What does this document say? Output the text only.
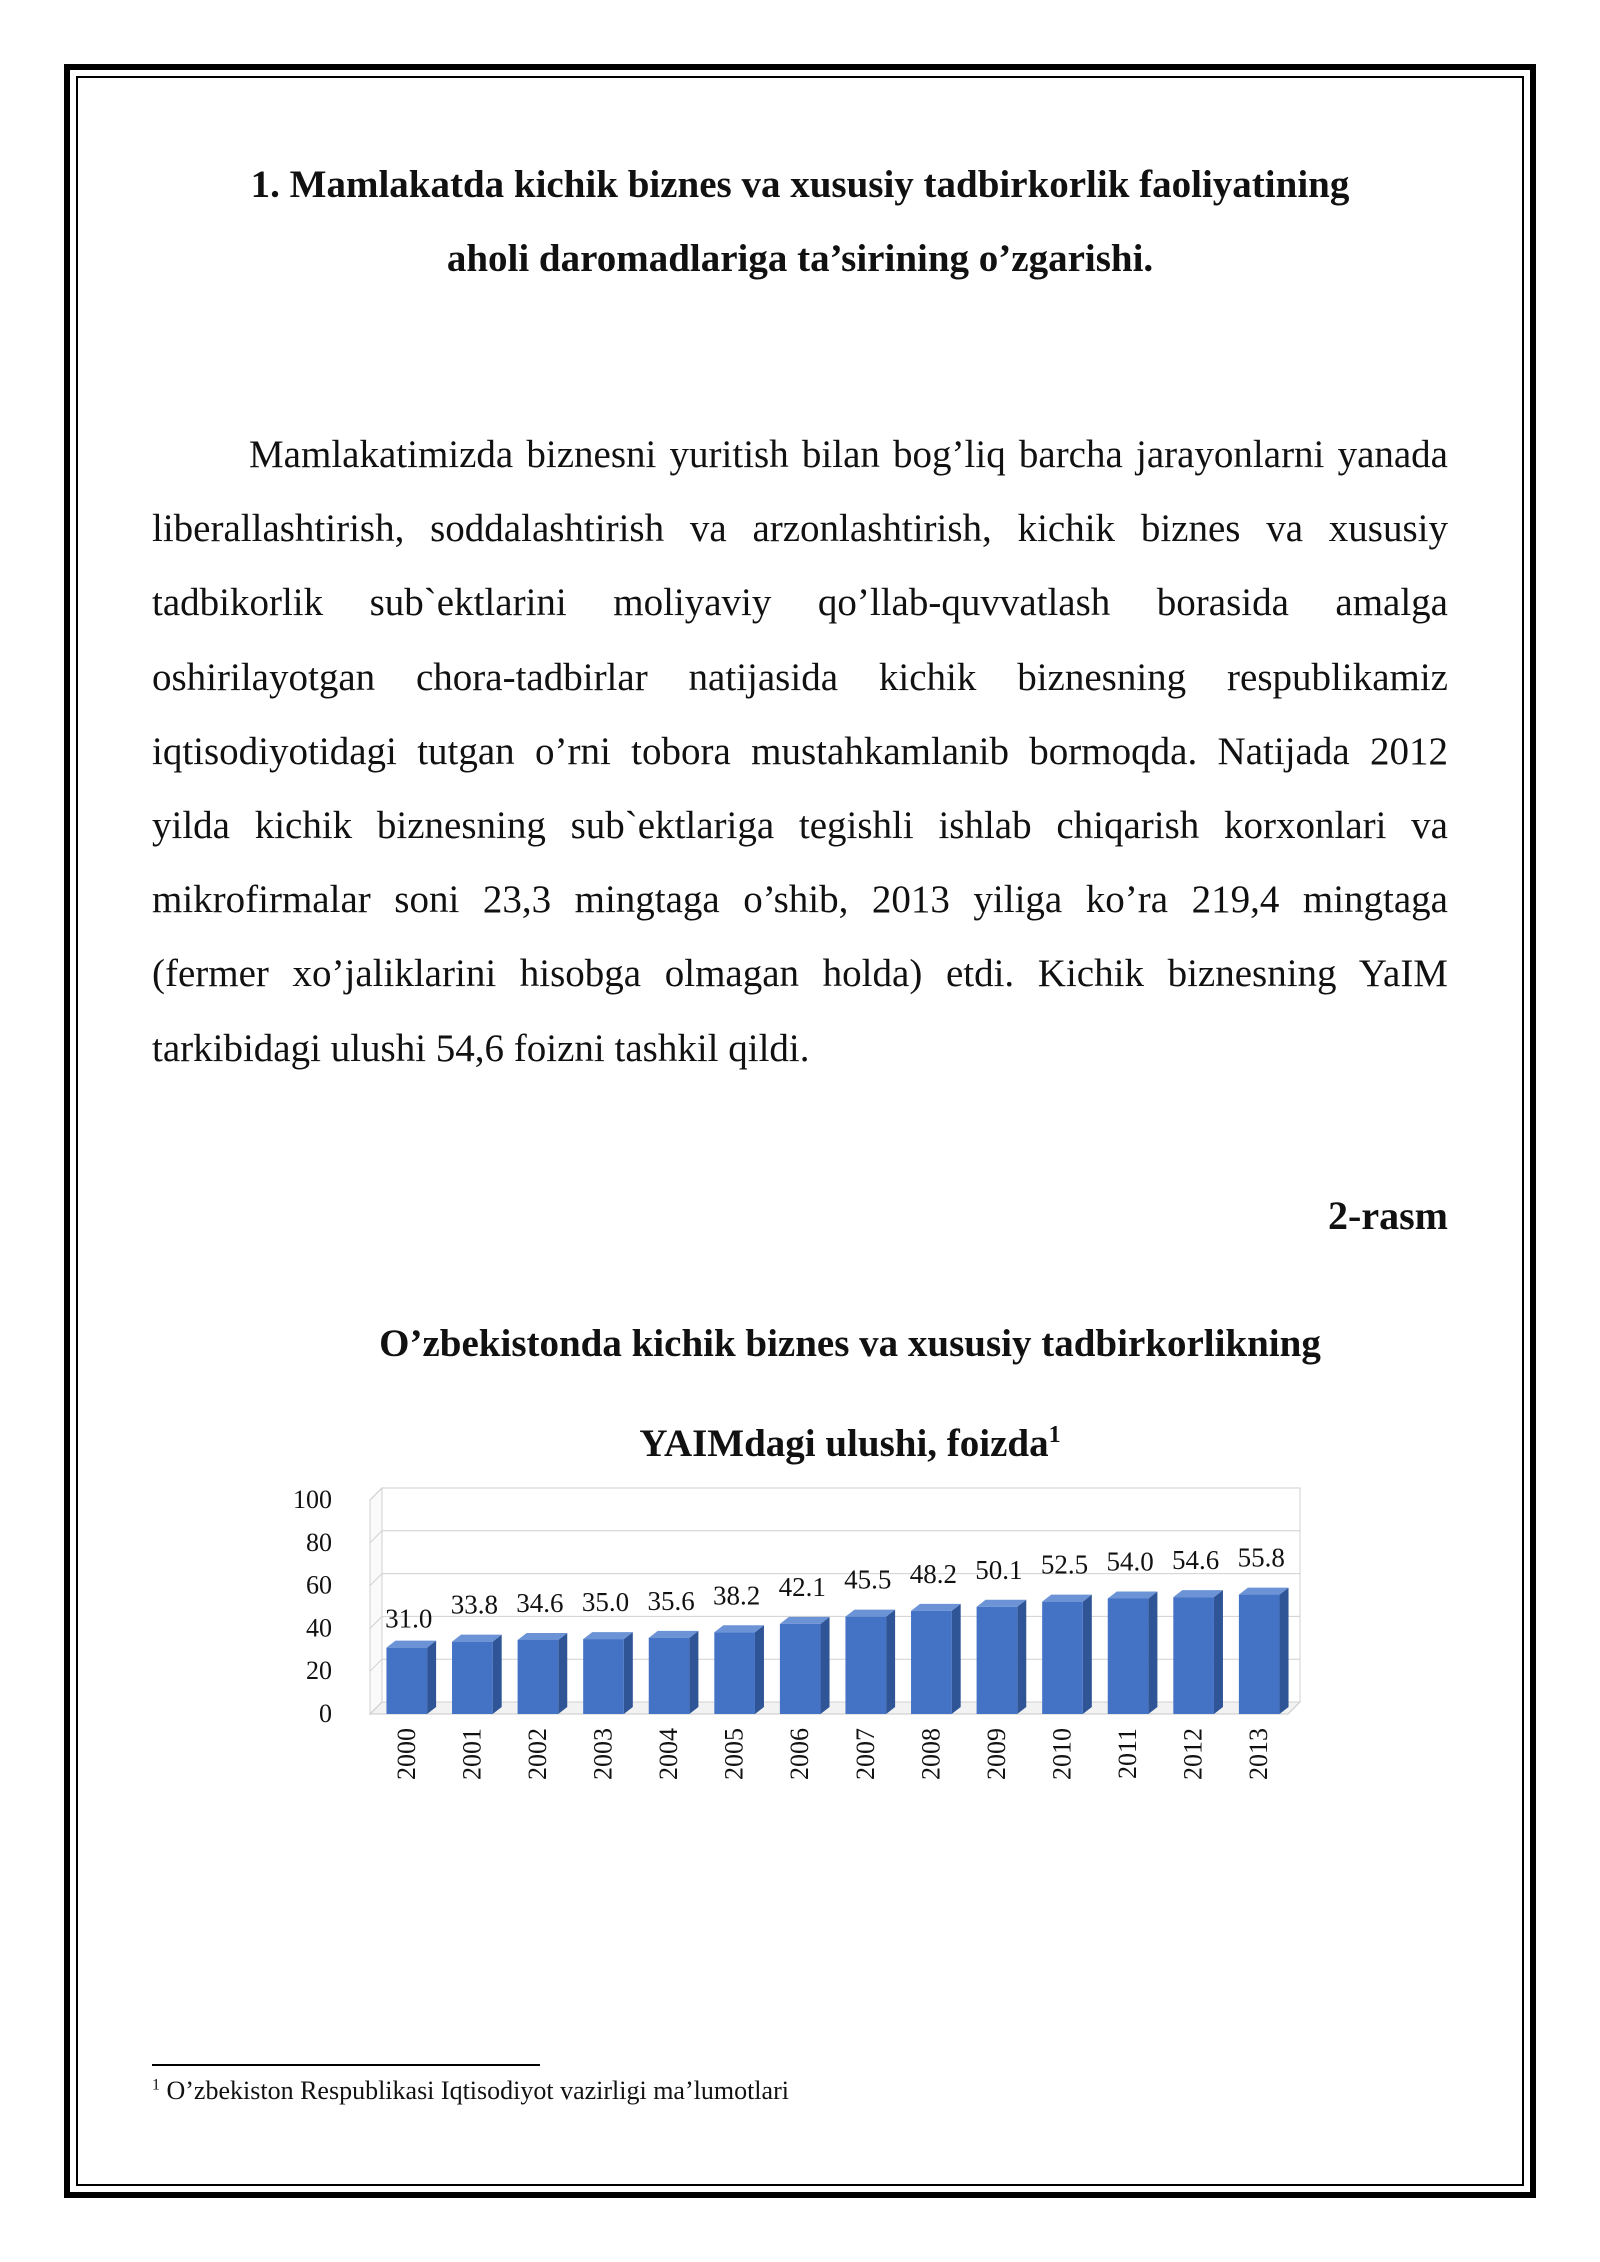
1. Mamlakatda kichik biznes va xususiy tadbirkorlik faoliyatining
aholi daromadlariga ta’sirining o’zgarishi.

Mamlakatimizda biznesni yuritish bilan bog’liq barcha jarayonlarni yanada liberallashtirish, soddalashtirish va arzonlashtirish, kichik biznes va xususiy tadbikorlik sub`ektlarini moliyaviy qo’llab-quvvatlash borasida amalga oshirilayotgan chora-tadbirlar natijasida kichik biznesning respublikamiz iqtisodiyotidagi tutgan o’rni tobora mustahkamlanib bormoqda. Natijada 2012 yilda kichik biznesning sub`ektlariga tegishli ishlab chiqarish korxonlari va mikrofirmalar soni 23,3 mingtaga o’shib, 2013 yiliga ko’ra 219,4 mingtaga (fermer xo’jaliklarini hisobga olmagan holda) etdi. Kichik biznesning YaIM tarkibidagi ulushi 54,6 foizni tashkil qildi.

2-rasm
O’zbekistonda kichik biznes va xususiy tadbirkorlikning
YAIMdagi ulushi, foizda$^1$
0
20
40
60
80
100
31.0
2000
33.8
2001
34.6
2002
35.0
2003
35.6
2004
38.2
2005
42.1
2006
45.5
2007
48.2
2008
50.1
2009
52.5
2010
54.0
2011
54.6
2012
55.8
2013
$^1$ O’zbekiston Respublikasi Iqtisodiyot vazirligi ma’lumotlari
